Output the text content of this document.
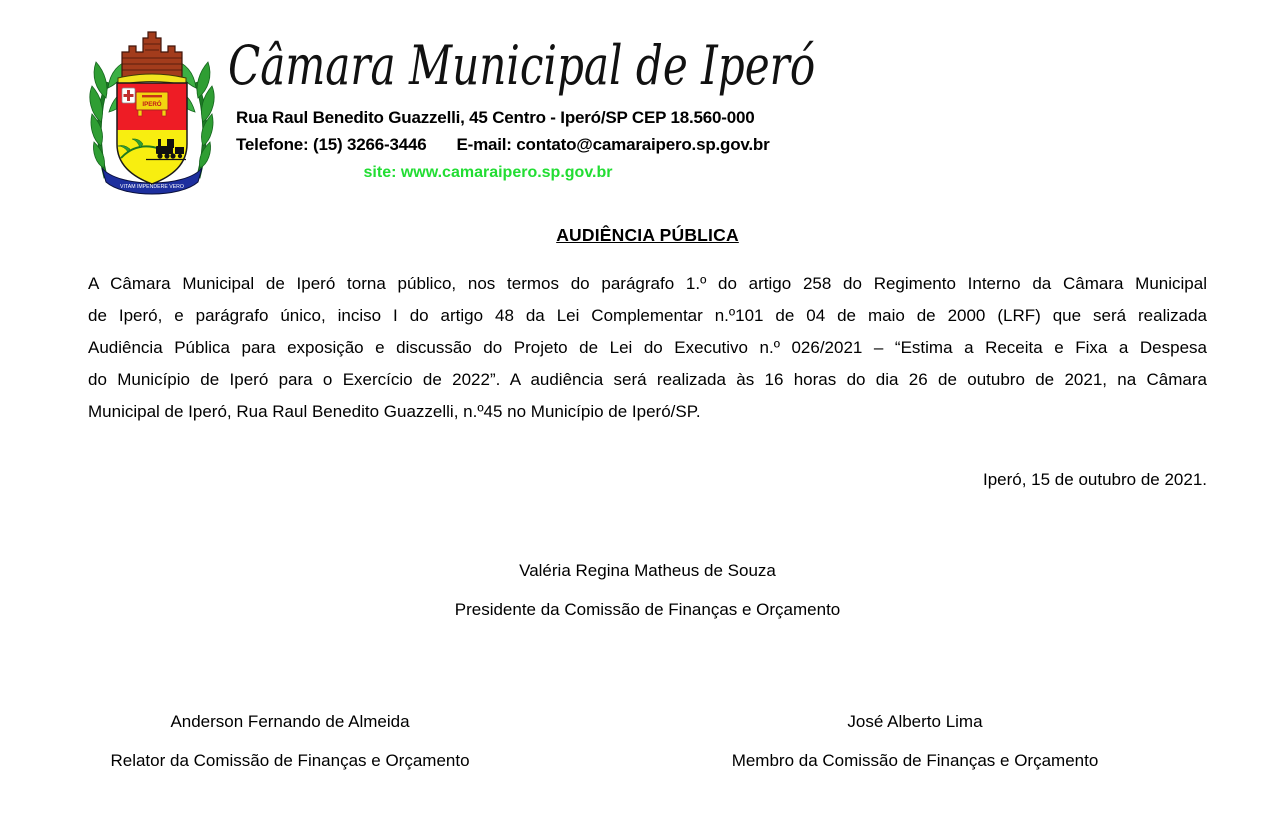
IPERÓ
VITAM IMPENDERE VERO
Câmara Municipal de Iperó
Rua Raul Benedito Guazzelli, 45 Centro - Iperó/SP CEP 18.560-000
Telefone: (15) 3266-3446 E-mail: contato@camaraipero.sp.gov.br
site: www.camaraipero.sp.gov.br
AUDIÊNCIA PÚBLICA
A Câmara Municipal de Iperó torna público, nos termos do parágrafo 1.º do artigo 258 do Regimento Interno da Câmara Municipal
de Iperó, e parágrafo único, inciso I do artigo 48 da Lei Complementar n.º101 de 04 de maio de 2000 (LRF) que será realizada
Audiência Pública para exposição e discussão do Projeto de Lei do Executivo n.º 026/2021 – “Estima a Receita e Fixa a Despesa
do Município de Iperó para o Exercício de 2022”. A audiência será realizada às 16 horas do dia 26 de outubro de 2021, na Câmara
Municipal de Iperó, Rua Raul Benedito Guazzelli, n.º45 no Município de Iperó/SP.
Iperó, 15 de outubro de 2021.
Valéria Regina Matheus de Souza
Presidente da Comissão de Finanças e Orçamento
Anderson Fernando de Almeida
Relator da Comissão de Finanças e Orçamento
José Alberto Lima
Membro da Comissão de Finanças e Orçamento
